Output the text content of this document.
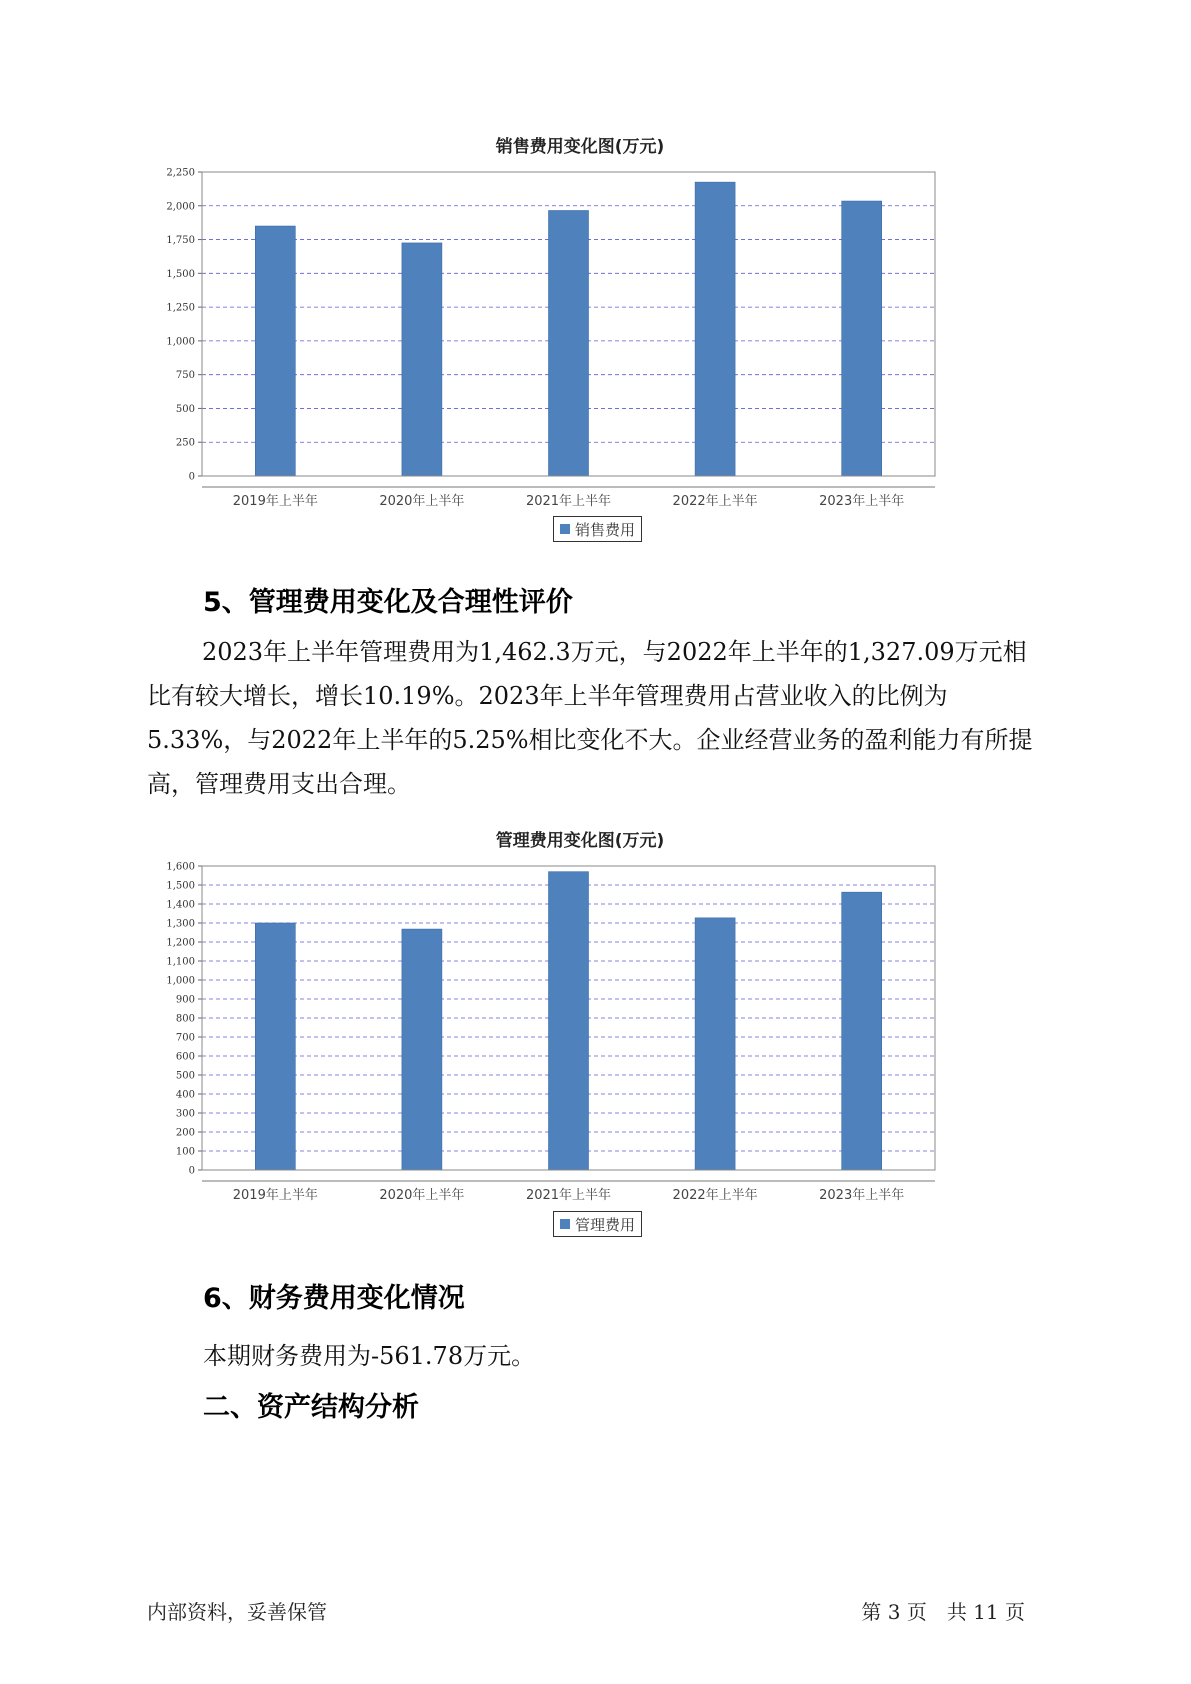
销售费用变化图(万元)
0
250
500
750
1,000
1,250
1,500
1,750
2,000
2,250
2019年上半年	2020年上半年	2021年上半年	2022年上半年	2023年上半年
销售费用
5、管理费用变化及合理性评价

2023年上半年管理费用为1,462.3万元，与2022年上半年的1,327.09万元相比有较大增长，增长10.19%。2023年上半年管理费用占营业收入的比例为5.33%，与2022年上半年的5.25%相比变化不大。企业经营业务的盈利能力有所提高，管理费用支出合理。

管理费用变化图(万元)
0
100
200
300
400
500
600
700
800
900
1,000
1,100
1,200
1,300
1,400
1,500
1,600
2019年上半年	2020年上半年	2021年上半年	2022年上半年	2023年上半年
管理费用
6、财务费用变化情况

本期财务费用为-561.78万元。

二、资产结构分析
内部资料，妥善保管	第 3 页　共 11 页
